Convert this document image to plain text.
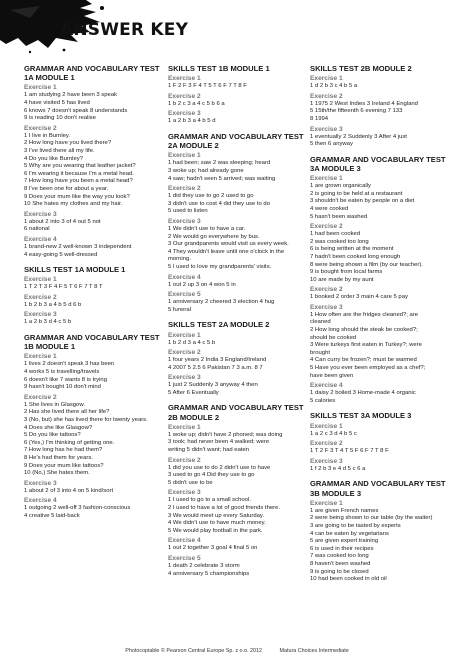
ANSWER KEY
GRAMMAR AND VOCABULARY TEST 1A MODULE 1
Exercise 1
1 am studying 2 have been 3 speak
4 have visited 5 has lived
6 knows 7 doesn't speak 8 understands
9 is reading 10 don't realise
Exercise 2
1 I live in Burnley.
2 How long have you lived there?
3 I've lived there all my life.
4 Do you like Burnley?
5 Why are you wearing that leather jacket?
6 I'm wearing it because I'm a metal head.
7 How long have you been a metal head?
8 I've been one for about a year.
9 Does your mum like the way you look?
10 She hates my clothes and my hair.
Exercise 3
1 about 2 into 3 of 4 out 5 not
6 national
Exercise 4
1 brand-new 2 well-known 3 independent
4 easy-going 5 well-dressed
SKILLS TEST 1A MODULE 1
Exercise 1
1 T 2 T 3 F 4 F 5 T 6 F 7 T 8 T
Exercise 2
1 b 2 b 3 a 4 b 5 d 6 b
Exercise 3
1 a 2 b 3 d 4 c 5 b
GRAMMAR AND VOCABULARY TEST 1B MODULE 1
Exercise 1
1 lives 2 doesn't speak 3 has been
4 works 5 is travelling/travels
6 doesn't like 7 wants 8 is trying
9 hasn't bought 10 don't mind
Exercise 2
1 She lives in Glasgow.
2 Has she lived there all her life?
3 (No, but) she has lived there for twenty years.
4 Does she like Glasgow?
5 Do you like tattoos?
6 (Yes,) I'm thinking of getting one.
7 How long has he had them?
8 He's had them for years.
9 Does your mum like tattoos?
10 (No,) She hates them.
Exercise 3
1 about 2 of 3 into 4 on 5 kind/sort
Exercise 4
1 outgoing 2 well-off 3 fashion-conscious
4 creative 5 laid-back
SKILLS TEST 1B MODULE 1
Exercise 1
1 F 2 F 3 F 4 T 5 T 6 F 7 T 8 F
Exercise 2
1 b 2 c 3 a 4 c 5 b 6 a
Exercise 3
1 a 2 b 3 a 4 b 5 d
GRAMMAR AND VOCABULARY TEST 2A MODULE 2
Exercise 1
1 had been; saw 2 was sleeping; heard
3 woke up; had already gone
4 saw; hadn't seen 5 arrived; was waiting
Exercise 2
1 did they use to go 2 used to go
3 didn't use to cost 4 did they use to do
5 used to listen
Exercise 3
1 We didn't use to have a car.
2 We would go everywhere by bus.
3 Our grandparents would visit us every week.
4 They wouldn't leave until one o'clock in the
morning.
5 I used to love my grandparents' visits.
Exercise 4
1 out 2 up 3 on 4 won 5 in
Exercise 5
1 anniversary 2 cheered 3 election 4 hug
5 funeral
SKILLS TEST 2A MODULE 2
Exercise 1
1 b 2 d 3 a 4 c 5 b
Exercise 2
1 four years 2 India 3 England/Ireland
4 2007 5 2.5 6 Pakistan 7 3 a.m. 8 7
Exercise 3
1 just 2 Suddenly 3 anyway 4 then
5 After 6 Eventually
GRAMMAR AND VOCABULARY TEST 2B MODULE 2
Exercise 1
1 woke up; didn't have 2 phoned; was doing
3 took; had never been 4 walked; were
writing 5 didn't want; had eaten
Exercise 2
1 did you use to do 2 didn't use to have
3 used to go 4 Did they use to go
5 didn't use to be
Exercise 3
1 I used to go to a small school.
2 I used to have a lot of good friends there.
3 We would meet up every Saturday.
4 We didn't use to have much money.
5 We would play football in the park.
Exercise 4
1 out 2 together 3 goal 4 final 5 on
Exercise 5
1 death 2 celebrate 3 storm
4 anniversary 5 championships
SKILLS TEST 2B MODULE 2
Exercise 1
1 d 2 b 3 c 4 b 5 a
Exercise 2
1 1975 2 West Indies 3 Ireland 4 England
5 15th/the fifteenth 6 evening 7 133
8 1994
Exercise 3
1 eventually 2 Suddenly 3 After 4 just
5 then 6 anyway
GRAMMAR AND VOCABULARY TEST 3A MODULE 3
Exercise 1
1 are grown organically
2 is going to be held at a restaurant
3 shouldn't be eaten by people on a diet
4 were cooked
5 hasn't been washed
Exercise 2
1 had been cooked
2 was cooked too long
6 is being written at the moment
7 hadn't been cooked long enough
8 were being shown a film (by our teacher).
9 is bought from local farms
10 are made by my aunt
Exercise 2
1 booked 2 order 3 main 4 care 5 pay
Exercise 3
1 How often are the fridges cleaned?; are
cleaned
2 How long should the steak be cooked?;
should be cooked
3 Were turkeys first eaten in Turkey?; were
brought
4 Can curry be frozen?; must be warmed
5 Have you ever been employed as a chef?;
have been given
Exercise 4
1 daisy 2 boiled 3 Home-made 4 organic
5 calories
SKILLS TEST 3A MODULE 3
Exercise 1
1 a 2 c 3 d 4 b 5 c
Exercise 2
1 T 2 F 3 T 4 T 5 F 6 F 7 T 8 F
Exercise 3
1 f 2 b 3 e 4 d 5 c 6 a
GRAMMAR AND VOCABULARY TEST 3B MODULE 3
Exercise 1
1 are given French names
2 were being shown to our table (by the waiter)
3 are going to be tasted by experts
4 can be eaten by vegetarians
5 are given expert training
6 is used in their recipes
7 was cooked too long
8 haven't been washed
9 is going to be closed
10 had been cooked in old oil
Photocopiable © Pearson Central Europe Sp. z o.o. 2012	Matura Choices Intermediate
